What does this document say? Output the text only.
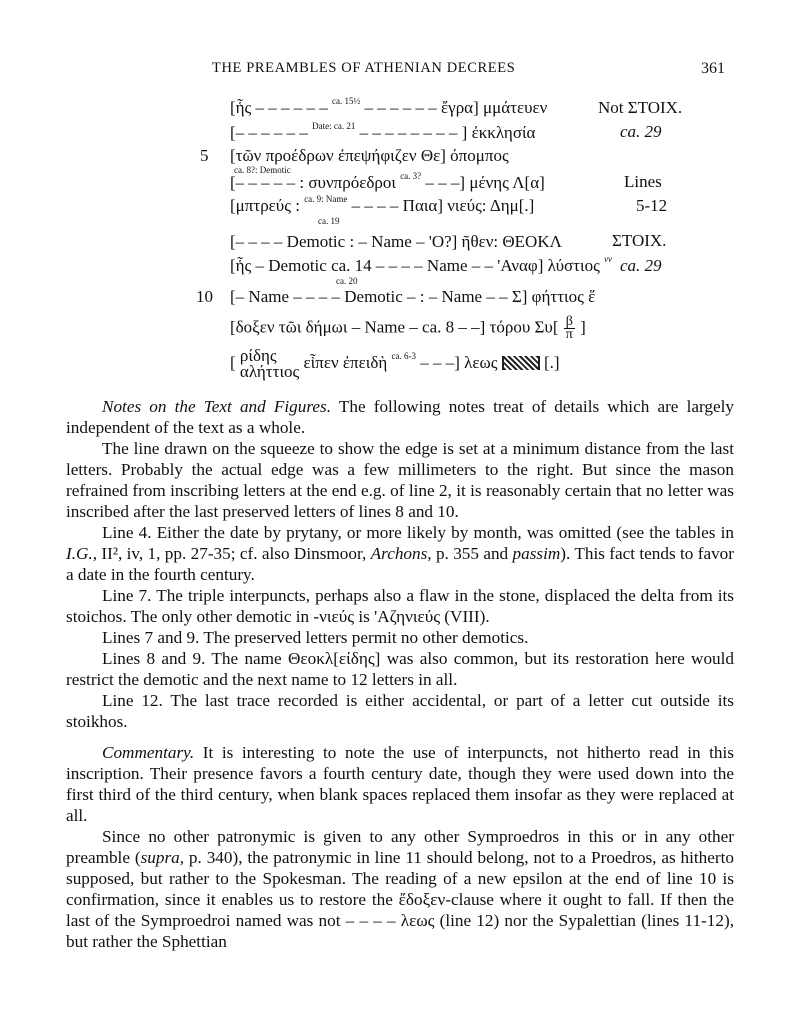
THE PREAMBLES OF ATHENIAN DECREES	361
[ἧς – – – – – – $^{ca. 15\frac{1}{2}}$ – – – – – – ἔγρα] μμάτευεν
[– – – – – – $^{Date: ca. 21}$ – – – – – – – – ] ἐκκλησία
5 [τῶν προέδρων ἐπεψήφιζεν Θε] όπομπος
ca. 8?: Demotic
[– – – – – : συνπρόεδροι $^{ca. 3?}$ – – –] μένης Λ[α]
[μπτρεύς : $^{ca. 9: Name}$ – – – – Παια] νιεύς: Δημ[.]
ca. 19
[– – – – Demotic : – Name – 'Ο?] ῆθεν: ΘΕΟΚΛ
[ἧς – Demotic ca. 14 – – – – Name – – 'Αναφ] λύστιος $^{vv}$
ca. 20
10 [– Name – – – – Demotic – : – Name – – Σ] φήττιος ἕ
[δοξεν τῶι δήμωι – Name – ca. 8 – –] τόρου $\Sigma\upsilon[ \frac{\beta}{\pi}$ ]
[ ρίδης
αλήττιος εἶπεν ἐπειδὴ $^{ca. 6-3}$ – – –] λεως	[.]
Not ΣΤΟΙΧ.
ca. 29
Lines
5-12
ΣΤΟΙΧ.
ca. 29

Notes on the Text and Figures. The following notes treat of details which are largely independent of the text as a whole.

The line drawn on the squeeze to show the edge is set at a minimum distance from the last letters. Probably the actual edge was a few millimeters to the right. But since the mason refrained from inscribing letters at the end e.g. of line 2, it is reasonably certain that no letter was inscribed after the last preserved letters of lines 8 and 10.

Line 4. Either the date by prytany, or more likely by month, was omitted (see the tables in I.G., II², iv, 1, pp. 27-35; cf. also Dinsmoor, Archons, p. 355 and passim). This fact tends to favor a date in the fourth century.

Line 7. The triple interpuncts, perhaps also a flaw in the stone, displaced the delta from its stoichos. The only other demotic in -νιεύς is 'Αζηνιεύς (VIII).

Lines 7 and 9. The preserved letters permit no other demotics.

Lines 8 and 9. The name Θεοκλ[είδης] was also common, but its restoration here would restrict the demotic and the next name to 12 letters in all.

Line 12. The last trace recorded is either accidental, or part of a letter cut outside its stoikhos.

Commentary. It is interesting to note the use of interpuncts, not hitherto read in this inscription. Their presence favors a fourth century date, though they were used down into the first third of the third century, when blank spaces replaced them insofar as they were replaced at all.

Since no other patronymic is given to any other Symproedros in this or in any other preamble (supra, p. 340), the patronymic in line 11 should belong, not to a Proedros, as hitherto supposed, but rather to the Spokesman. The reading of a new epsilon at the end of line 10 is confirmation, since it enables us to restore the ἔδοξεν-clause where it ought to fall. If then the last of the Symproedroi named was not – – – – λεως (line 12) nor the Sypalettian (lines 11-12), but rather the Sphettian
